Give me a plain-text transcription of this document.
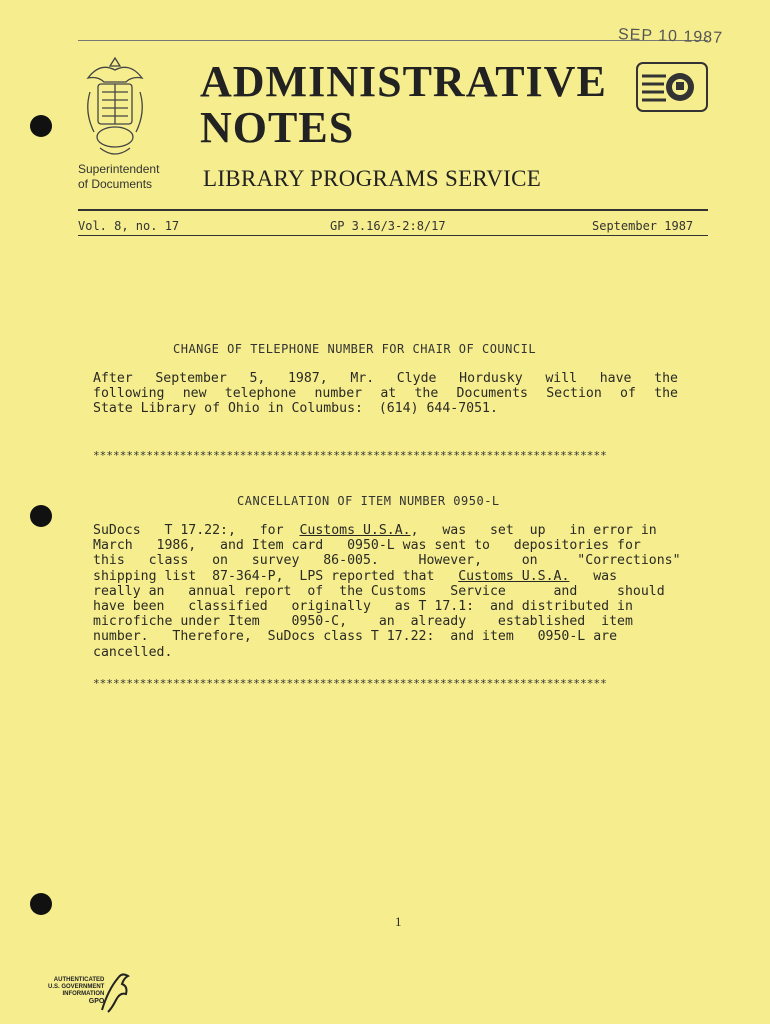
SEP 10 1987
ADMINISTRATIVE
NOTES
Superintendent
of Documents	LIBRARY PROGRAMS SERVICE
Vol. 8, no. 17	GP 3.16/3-2:8/17	September 1987
CHANGE OF TELEPHONE NUMBER FOR CHAIR OF COUNCIL
After September 5, 1987, Mr. Clyde Hordusky will have the
following new telephone number at the Documents Section of the
State Library of Ohio in Columbus:  (614) 644-7051.
*****************************************************************************
CANCELLATION OF ITEM NUMBER 0950-L
SuDocs   T 17.22:,   for Customs U.S.A. ,   was   set  up   in error in
March   1986,   and Item card   0950-L was sent to   depositories for
this   class   on   survey   86-005.     However,     on     "Corrections"
shipping list  87-364-P,  LPS reported that Customs U.S.A. was
really an   annual report  of  the Customs   Service      and     should
have been   classified   originally   as T 17.1:  and distributed in
microfiche under Item    0950-C,    an  already    established  item
number.   Therefore,  SuDocs class T 17.22:  and item   0950-L are
cancelled.
*****************************************************************************
1
AUTHENTICATED
U.S. GOVERNMENT
INFORMATION
GPO
